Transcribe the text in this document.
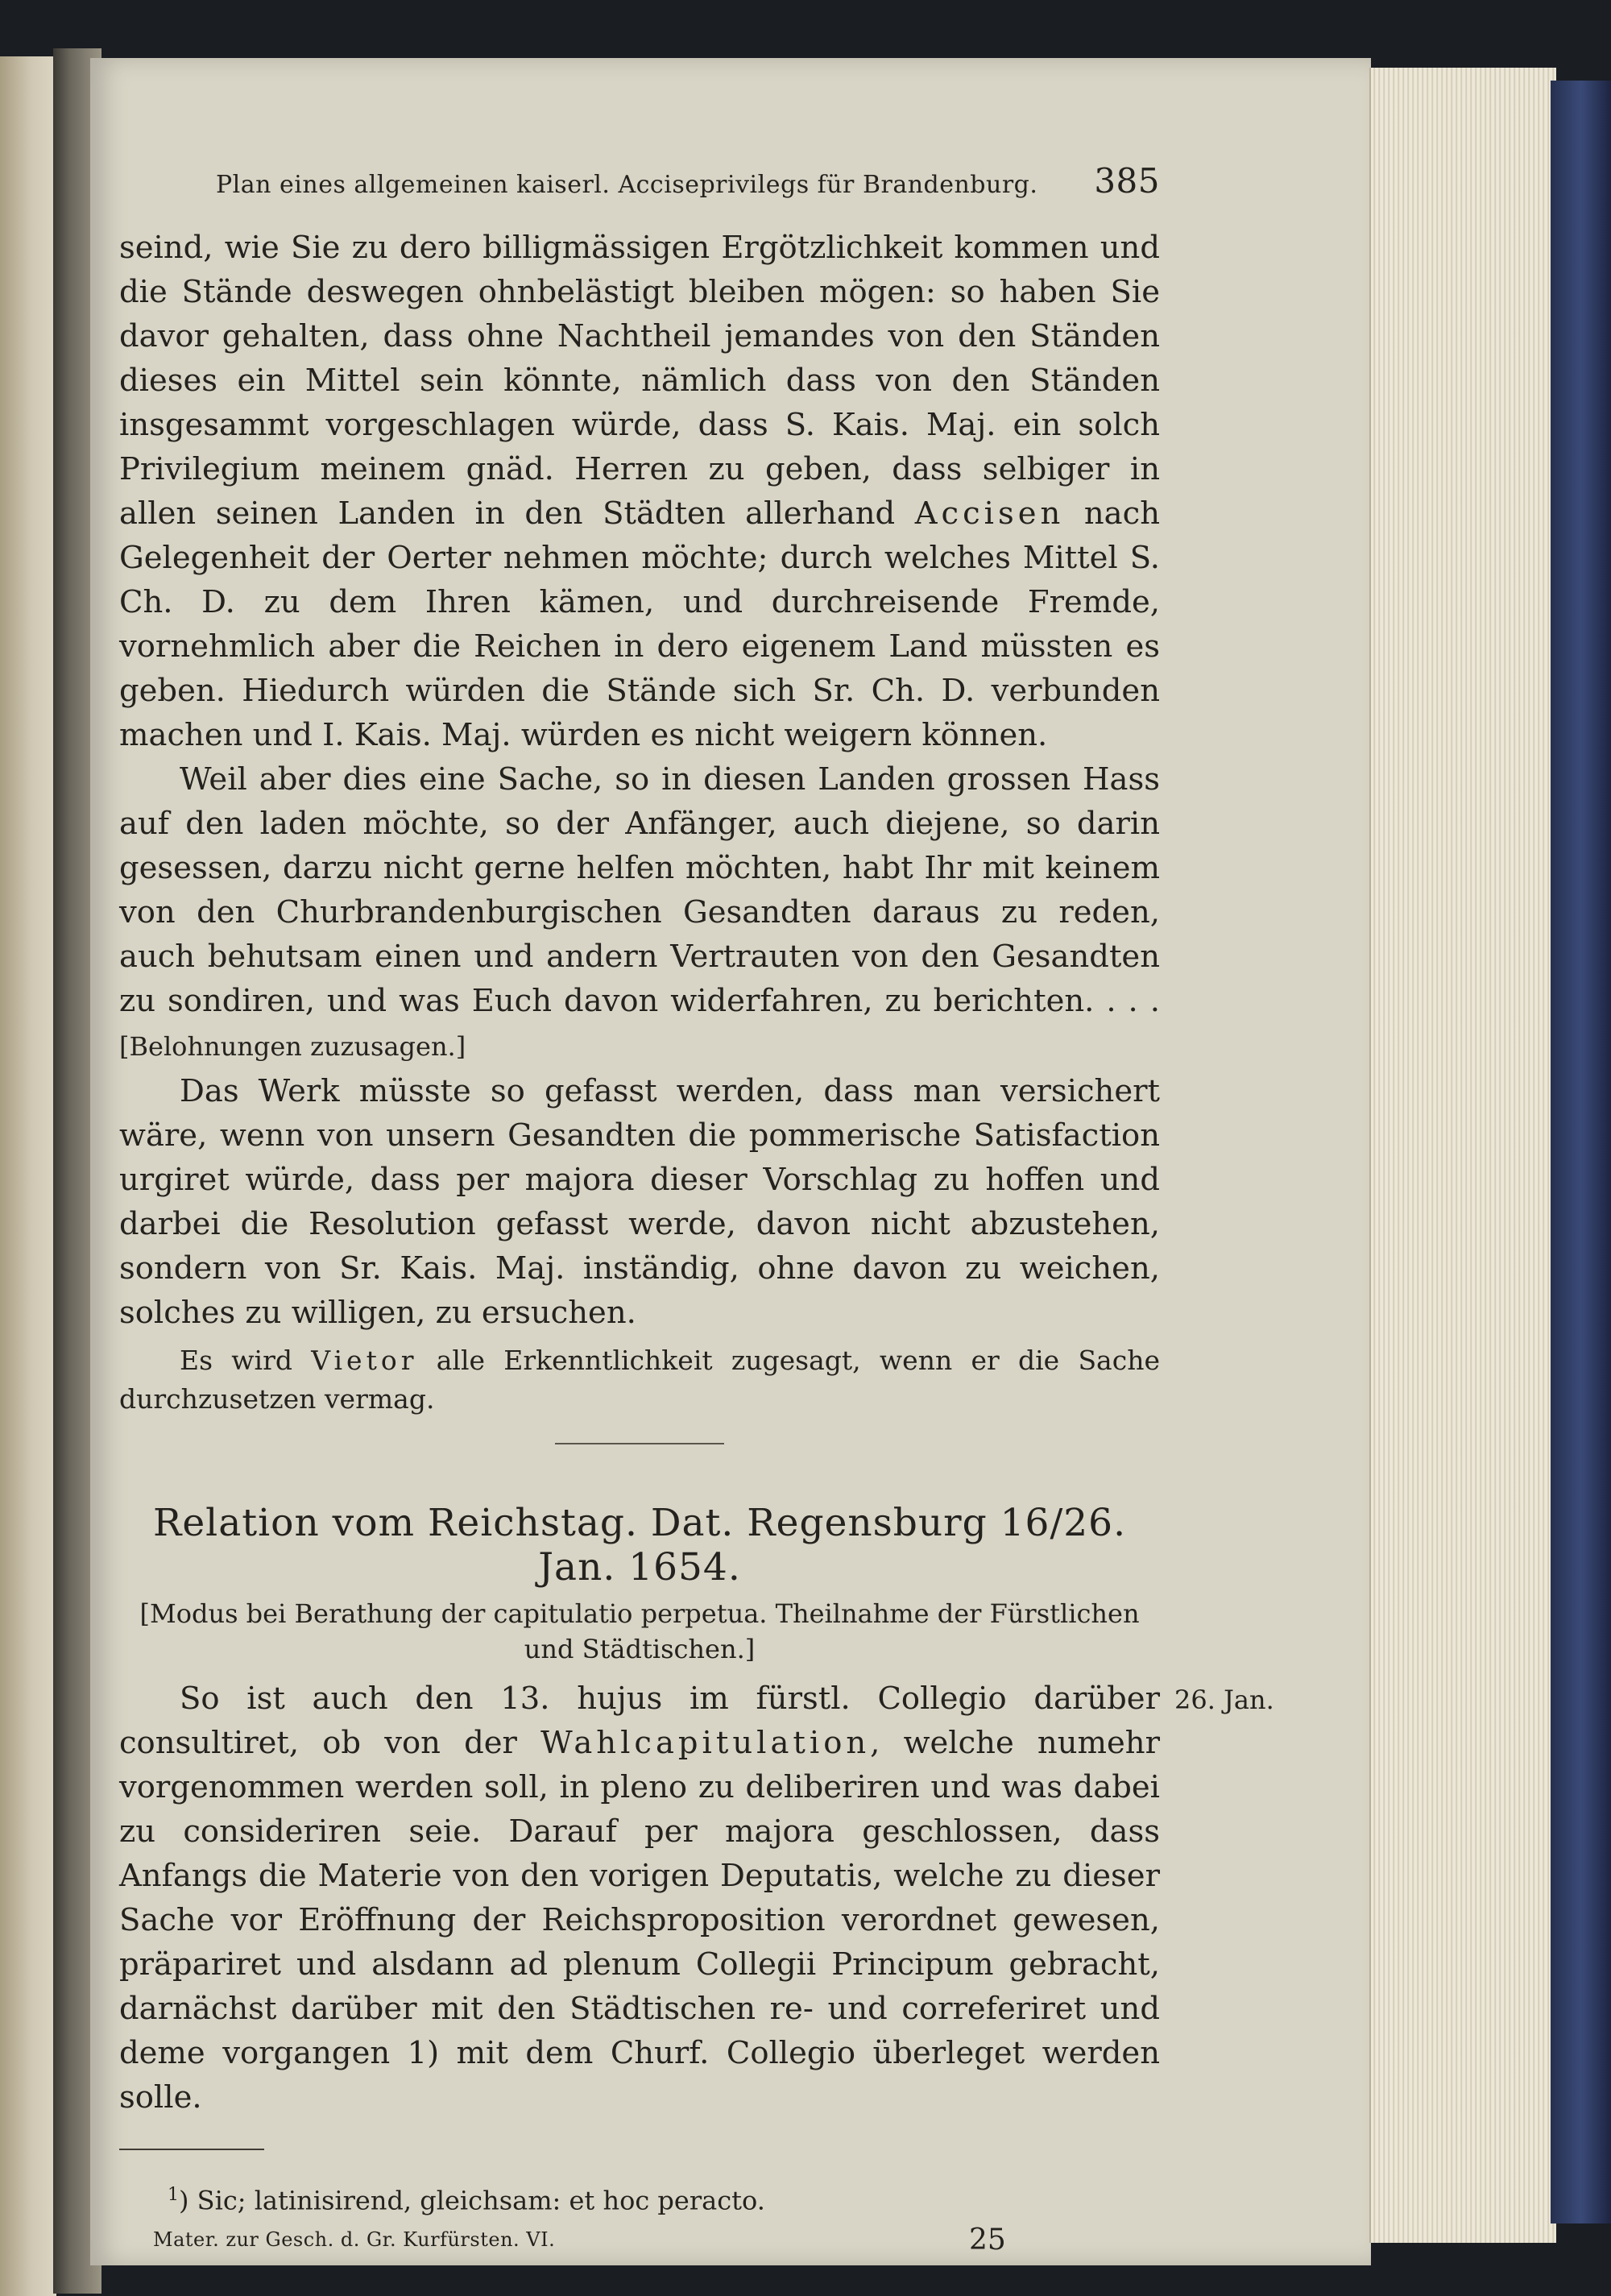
Plan eines allgemeinen kaiserl. Acciseprivilegs für Brandenburg. 385

seind, wie Sie zu dero billigmässigen Ergötzlichkeit kommen und die Stände deswegen ohnbelästigt bleiben mögen: so haben Sie davor gehalten, dass ohne Nachtheil jemandes von den Ständen dieses ein Mittel sein könnte, nämlich dass von den Ständen insgesammt vorgeschlagen würde, dass S. Kais. Maj. ein solch Privilegium meinem gnäd. Herren zu geben, dass selbiger in allen seinen Landen in den Städten allerhand Accisen nach Gelegenheit der Oerter nehmen möchte; durch welches Mittel S. Ch. D. zu dem Ihren kämen, und durchreisende Fremde, vornehmlich aber die Reichen in dero eigenem Land müssten es geben. Hiedurch würden die Stände sich Sr. Ch. D. verbunden machen und I. Kais. Maj. würden es nicht weigern können.

Weil aber dies eine Sache, so in diesen Landen grossen Hass auf den laden möchte, so der Anfänger, auch diejene, so darin gesessen, darzu nicht gerne helfen möchten, habt Ihr mit keinem von den Churbrandenburgischen Gesandten daraus zu reden, auch behutsam einen und andern Vertrauten von den Gesandten zu sondiren, und was Euch davon widerfahren, zu berichten. . . . [Belohnungen zuzusagen.]

Das Werk müsste so gefasst werden, dass man versichert wäre, wenn von unsern Gesandten die pommerische Satisfaction urgiret würde, dass per majora dieser Vorschlag zu hoffen und darbei die Resolution gefasst werde, davon nicht abzustehen, sondern von Sr. Kais. Maj. inständig, ohne davon zu weichen, solches zu willigen, zu ersuchen.

Es wird Vietor alle Erkenntlichkeit zugesagt, wenn er die Sache durchzusetzen vermag.

Relation vom Reichstag. Dat. Regensburg 16/26. Jan. 1654.

[Modus bei Berathung der capitulatio perpetua. Theilnahme der Fürstlichen und Städtischen.]

26. Jan.

So ist auch den 13. hujus im fürstl. Collegio darüber consultiret, ob von der Wahlcapitulation, welche numehr vorgenommen werden soll, in pleno zu deliberiren und was dabei zu consideriren seie. Darauf per majora geschlossen, dass Anfangs die Materie von den vorigen Deputatis, welche zu dieser Sache vor Eröffnung der Reichsproposition verordnet gewesen, präpariret und alsdann ad plenum Collegii Principum gebracht, darnächst darüber mit den Städtischen re- und correferiret und deme vorgangen 1) mit dem Churf. Collegio überleget werden solle.

$^1$) Sic; latinisirend, gleichsam: et hoc peracto.

Mater. zur Gesch. d. Gr. Kurfürsten. VI.	25
